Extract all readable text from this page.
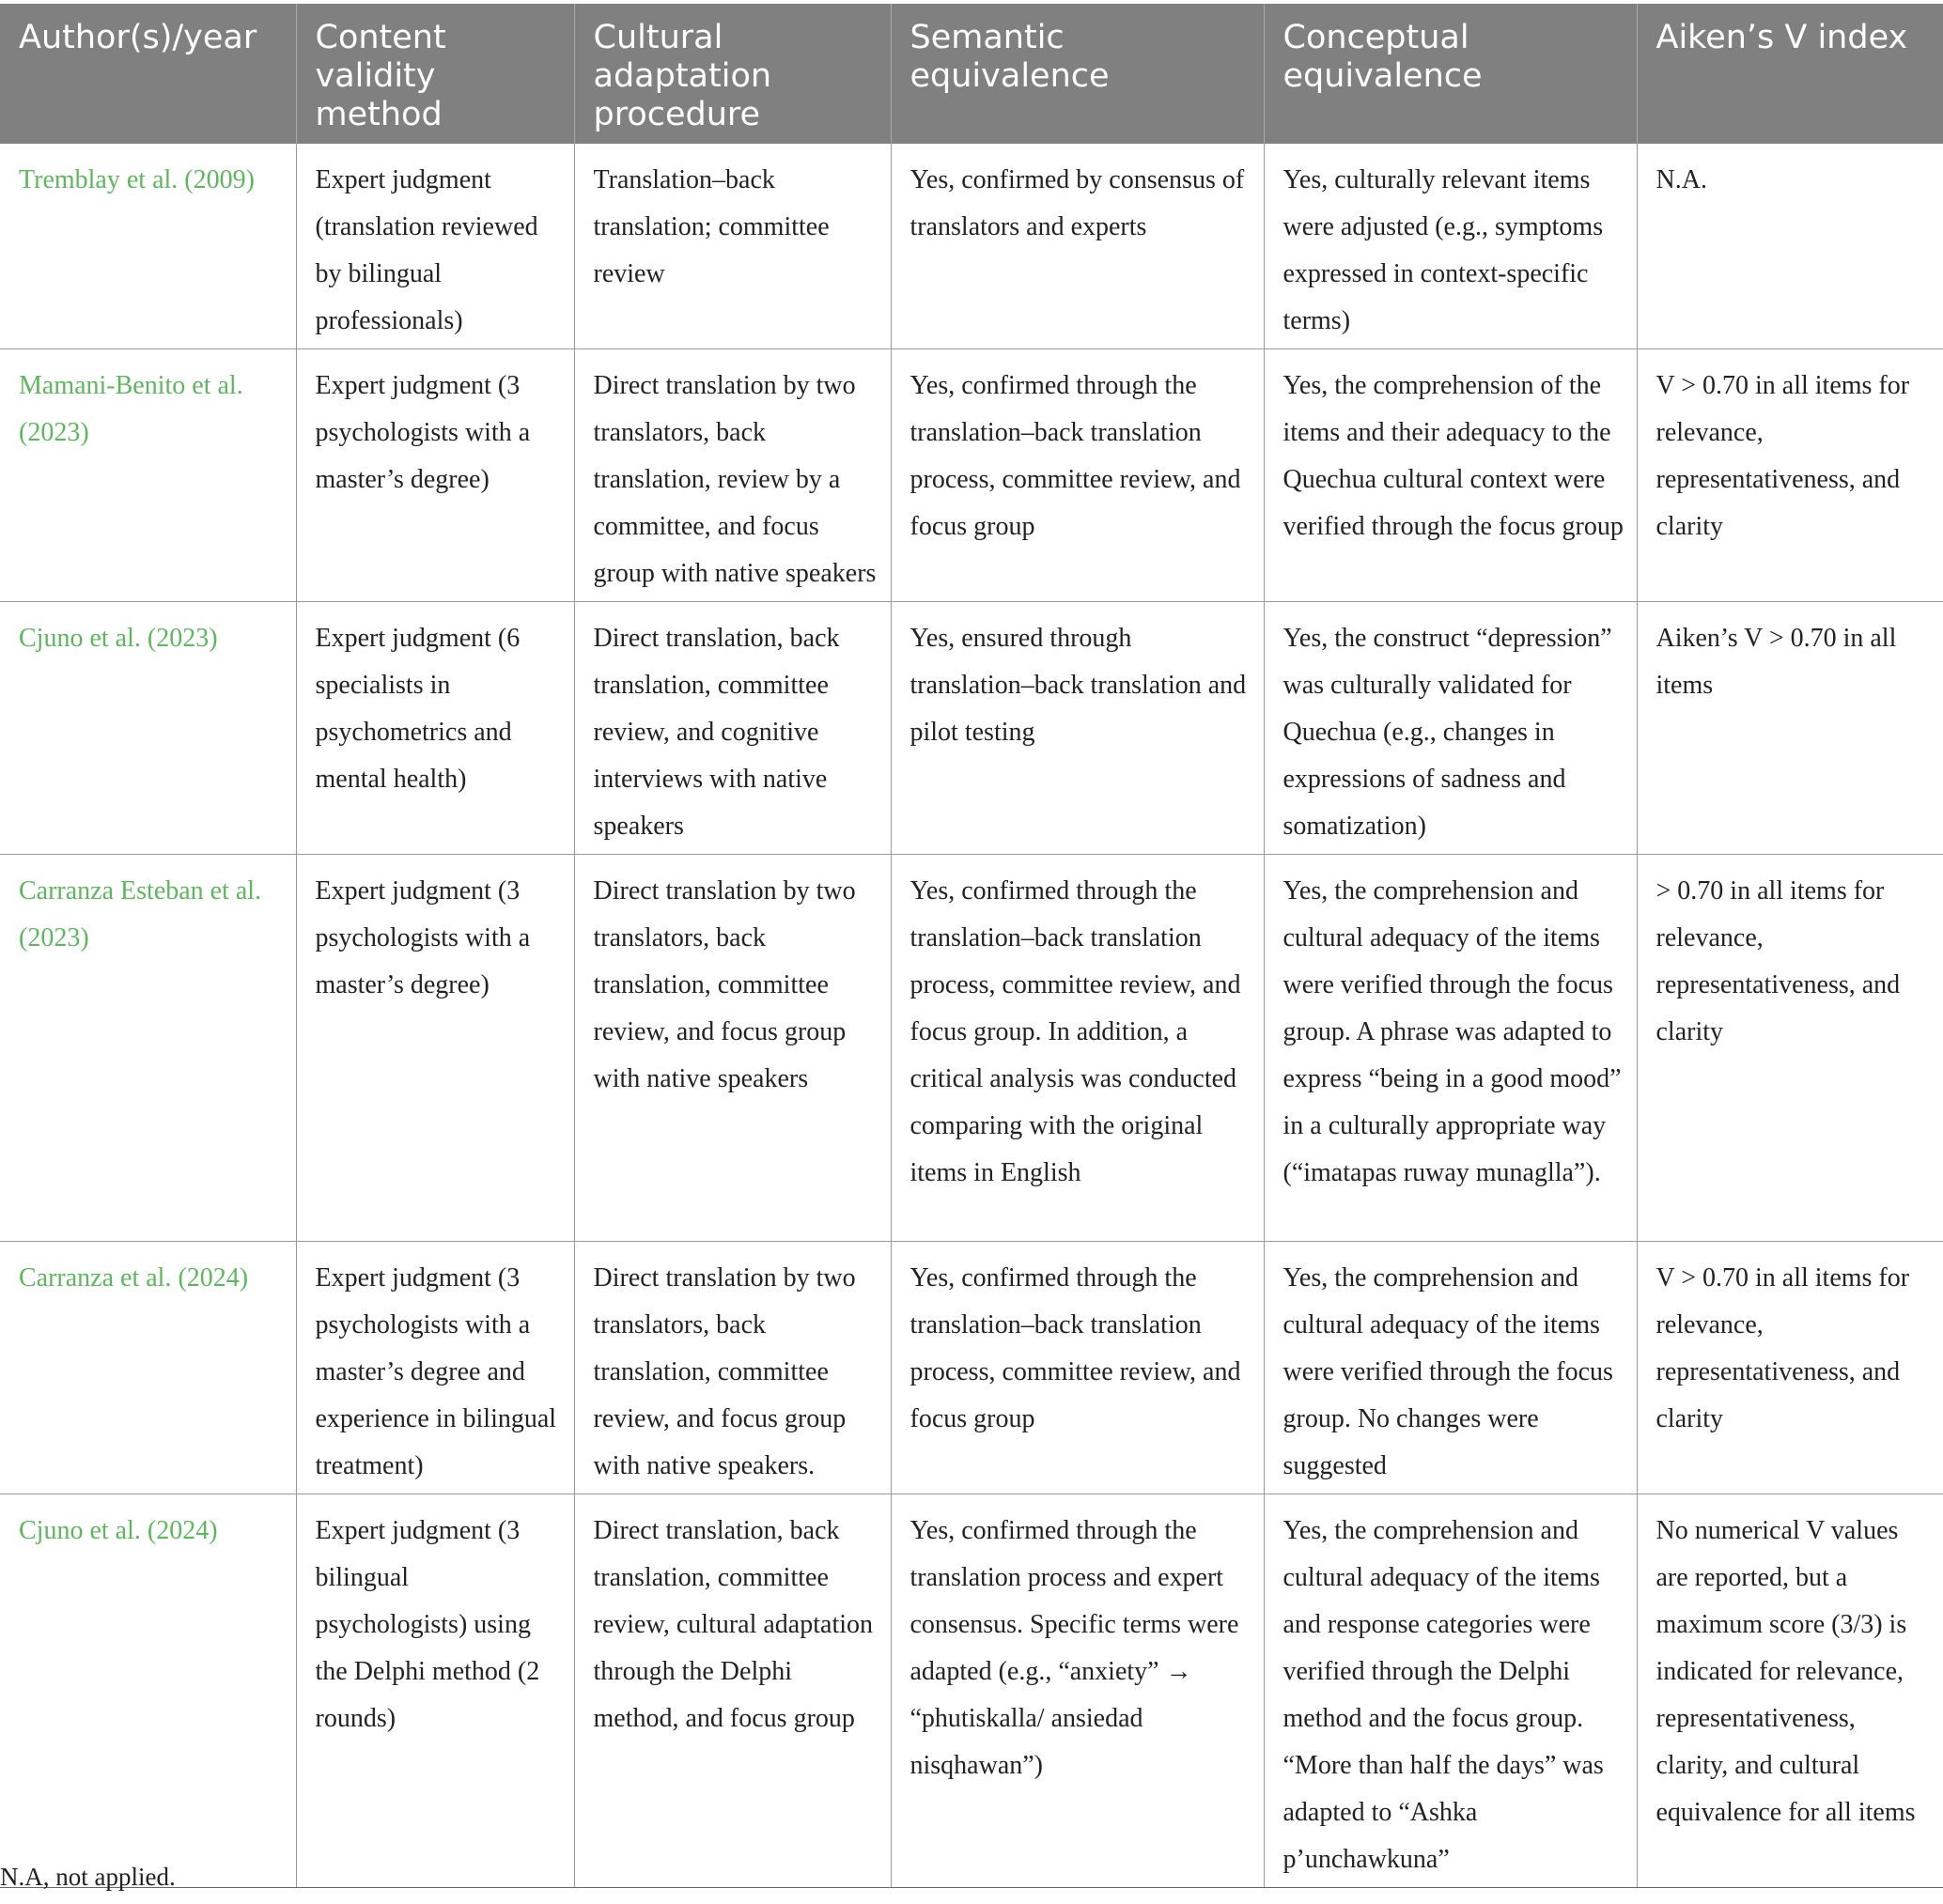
Author(s)/year	Content validity method	Cultural adaptation procedure	Semantic equivalence	Conceptual equivalence	Aiken’s V index
Tremblay et al. (2009)	Expert judgment (translation reviewed by bilingual professionals)	Translation–back translation; committee review	Yes, confirmed by consensus of translators and experts	Yes, culturally relevant items were adjusted (e.g., symptoms expressed in context-specific terms)	N.A.
Mamani-Benito et al. (2023)	Expert judgment (3 psychologists with a master’s degree)	Direct translation by two translators, back translation, review by a committee, and focus group with native speakers	Yes, confirmed through the translation–back translation process, committee review, and focus group	Yes, the comprehension of the items and their adequacy to the Quechua cultural context were verified through the focus group	V > 0.70 in all items for relevance, representativeness, and clarity
Cjuno et al. (2023)	Expert judgment (6 specialists in psychometrics and mental health)	Direct translation, back translation, committee review, and cognitive interviews with native speakers	Yes, ensured through translation–back translation and pilot testing	Yes, the construct “depression” was culturally validated for Quechua (e.g., changes in expressions of sadness and somatization)	Aiken’s V > 0.70 in all items
Carranza Esteban et al. (2023)	Expert judgment (3 psychologists with a master’s degree)	Direct translation by two translators, back translation, committee review, and focus group with native speakers	Yes, confirmed through the translation–back translation process, committee review, and focus group. In addition, a critical analysis was conducted comparing with the original items in English	Yes, the comprehension and cultural adequacy of the items were verified through the focus group. A phrase was adapted to express “being in a good mood” in a culturally appropriate way (“imatapas ruway munaglla”).	> 0.70 in all items for relevance, representativeness, and clarity
Carranza et al. (2024)	Expert judgment (3 psychologists with a master’s degree and experience in bilingual treatment)	Direct translation by two translators, back translation, committee review, and focus group with native speakers.	Yes, confirmed through the translation–back translation process, committee review, and focus group	Yes, the comprehension and cultural adequacy of the items were verified through the focus group. No changes were suggested	V > 0.70 in all items for relevance, representativeness, and clarity
Cjuno et al. (2024)	Expert judgment (3 bilingual psychologists) using the Delphi method (2 rounds)	Direct translation, back translation, committee review, cultural adaptation through the Delphi method, and focus group	Yes, confirmed through the translation process and expert consensus. Specific terms were adapted (e.g., “anxiety” → “phutiskalla/ ansiedad nisqhawan”)	Yes, the comprehension and cultural adequacy of the items and response categories were verified through the Delphi method and the focus group. “More than half the days” was adapted to “Ashka p’unchawkuna”	No numerical V values are reported, but a maximum score (3/3) is indicated for relevance, representativeness, clarity, and cultural equivalence for all items
N.A, not applied.
